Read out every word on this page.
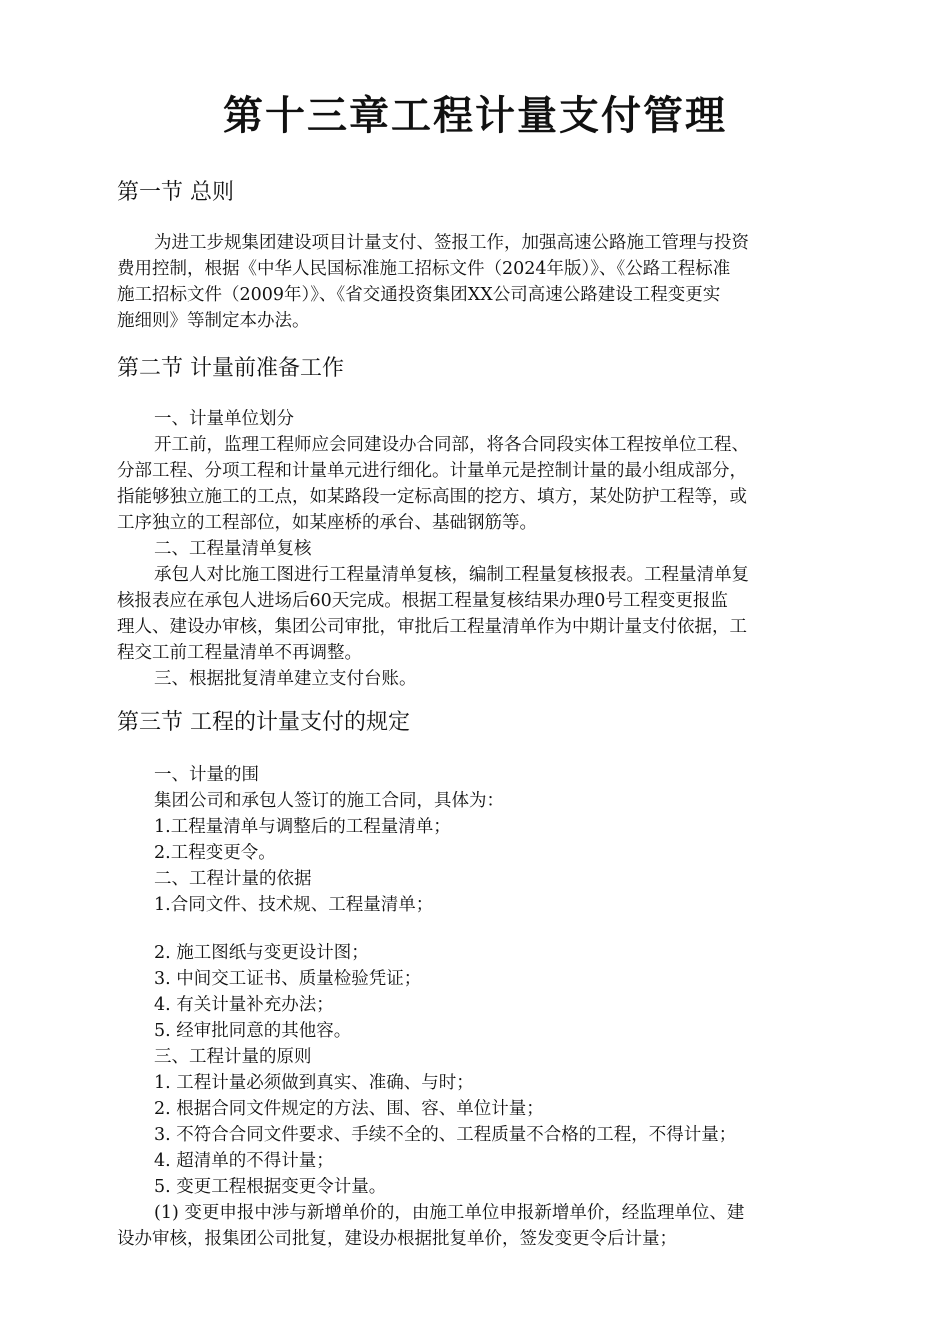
第十三章工程计量支付管理
第一节 总则
为进工步规集团建设项目计量支付、签报工作，加强高速公路施工管理与投资
费用控制，根据《中华人民国标准施工招标文件（2024年版）》、《公路工程标准
施工招标文件（2009年）》、《省交通投资集团XX公司高速公路建设工程变更实
施细则》等制定本办法。
第二节 计量前准备工作
一、计量单位划分
开工前，监理工程师应会同建设办合同部，将各合同段实体工程按单位工程、
分部工程、分项工程和计量单元进行细化。计量单元是控制计量的最小组成部分，
指能够独立施工的工点，如某路段一定标高围的挖方、填方，某处防护工程等，或
工序独立的工程部位，如某座桥的承台、基础钢筋等。
二、工程量清单复核
承包人对比施工图进行工程量清单复核，编制工程量复核报表。工程量清单复
核报表应在承包人进场后60天完成。根据工程量复核结果办理0号工程变更报监
理人、建设办审核，集团公司审批，审批后工程量清单作为中期计量支付依据，工
程交工前工程量清单不再调整。
三、根据批复清单建立支付台账。
第三节 工程的计量支付的规定
一、计量的围
集团公司和承包人签订的施工合同，具体为：
1.工程量清单与调整后的工程量清单；
2.工程变更令。
二、工程计量的依据
1.合同文件、技术规、工程量清单；
2. 施工图纸与变更设计图；
3. 中间交工证书、质量检验凭证；
4. 有关计量补充办法；
5. 经审批同意的其他容。
三、工程计量的原则
1. 工程计量必须做到真实、准确、与时；
2. 根据合同文件规定的方法、围、容、单位计量；
3. 不符合合同文件要求、手续不全的、工程质量不合格的工程，不得计量；
4. 超清单的不得计量；
5. 变更工程根据变更令计量。
(1) 变更申报中涉与新增单价的，由施工单位申报新增单价，经监理单位、建
设办审核，报集团公司批复，建设办根据批复单价，签发变更令后计量；
